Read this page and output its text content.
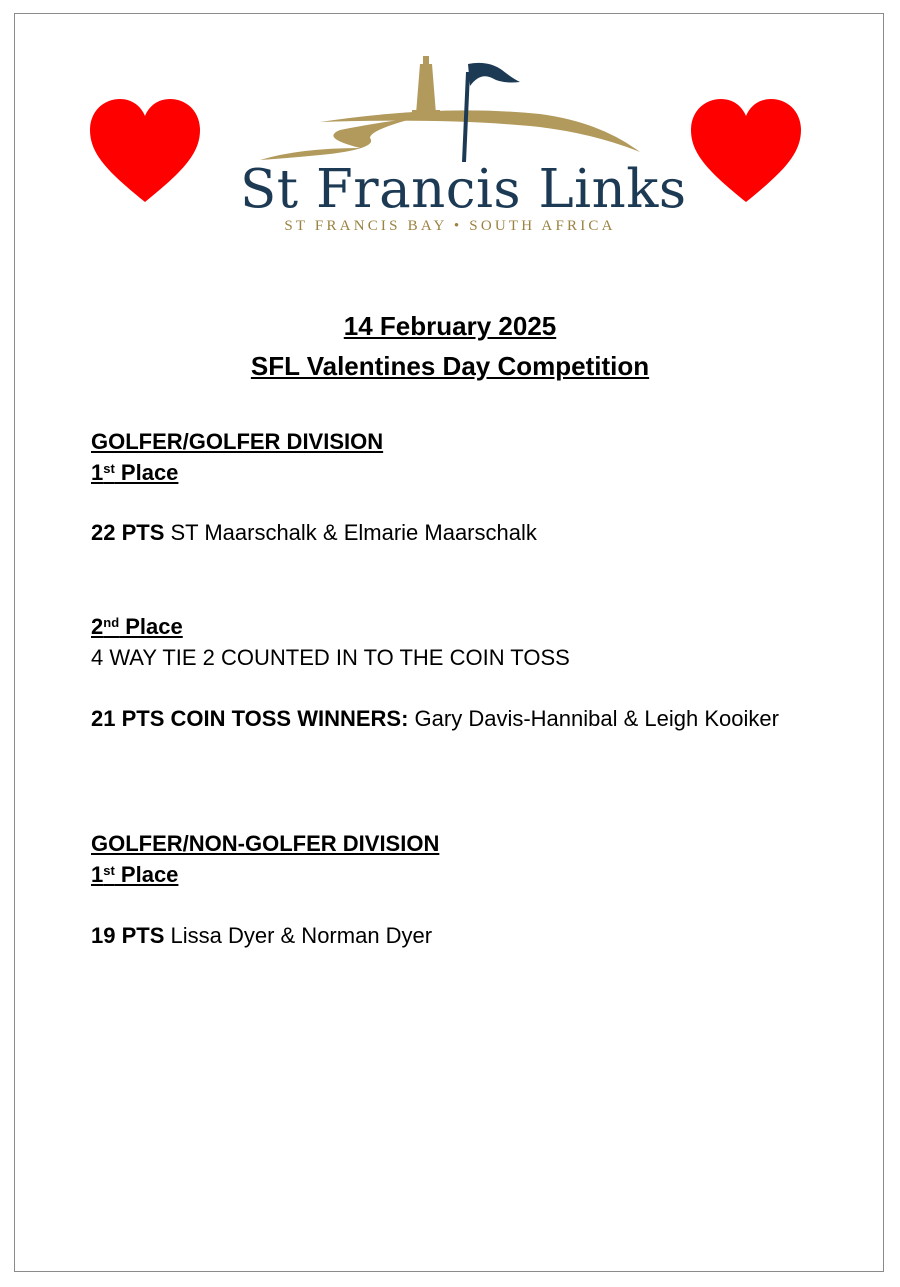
St Francis Links
ST FRANCIS BAY • SOUTH AFRICA
14 February 2025
SFL Valentines Day Competition
GOLFER/GOLFER DIVISION
1st Place
22 PTS ST Maarschalk & Elmarie Maarschalk
2nd Place
4 WAY TIE 2 COUNTED IN TO THE COIN TOSS
21 PTS COIN TOSS WINNERS: Gary Davis-Hannibal & Leigh Kooiker
GOLFER/NON-GOLFER DIVISION
1st Place
19 PTS Lissa Dyer & Norman Dyer
